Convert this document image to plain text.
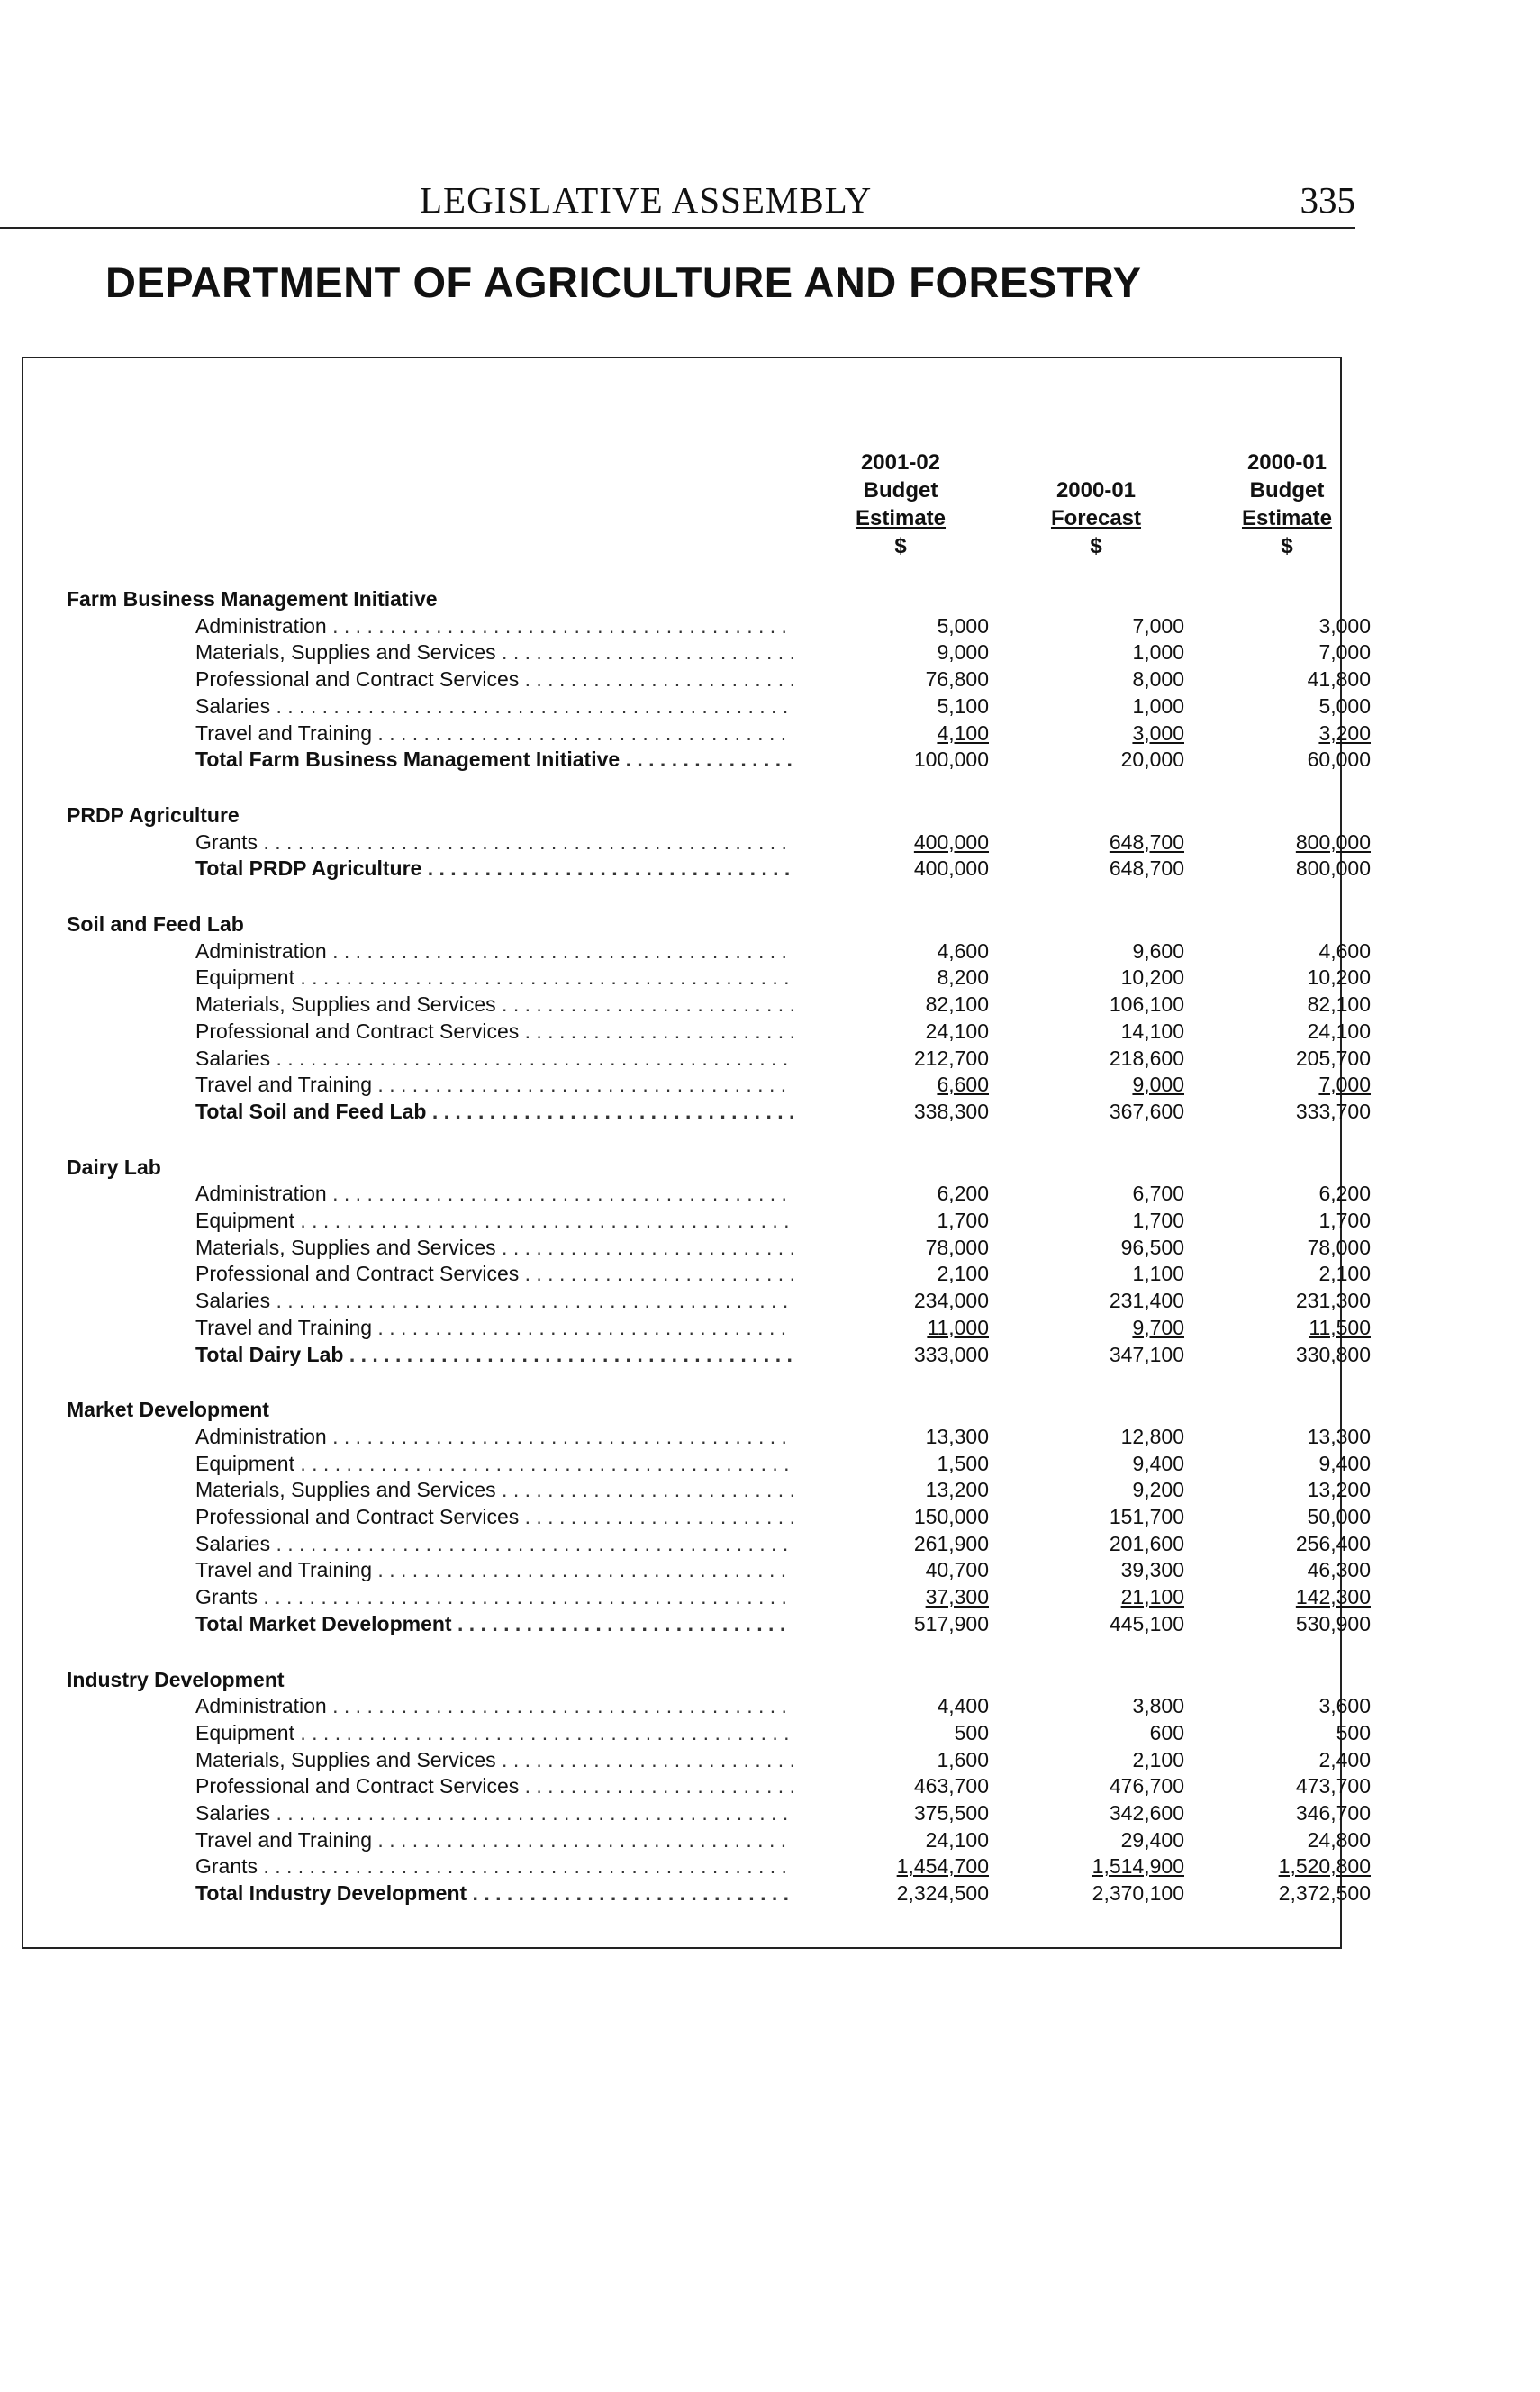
LEGISLATIVE ASSEMBLY	335
DEPARTMENT OF AGRICULTURE AND FORESTRY
2001-02
Budget
Estimate
$

2000-01
Forecast
$
2000-01
Budget
Estimate
$
Farm Business Management Initiative
Administration . . .	5,000	7,000	3,000
Materials, Supplies and Services . . .	9,000	1,000	7,000
Professional and Contract Services . . .	76,800	8,000	41,800
Salaries . . .	5,100	1,000	5,000
Travel and Training . . .	4,100	3,000	3,200
Total Farm Business Management Initiative . . .	100,000	20,000	60,000
PRDP Agriculture
Grants . . .	400,000	648,700	800,000
Total PRDP Agriculture . . .	400,000	648,700	800,000
Soil and Feed Lab
Administration . . .	4,600	9,600	4,600
Equipment . . .	8,200	10,200	10,200
Materials, Supplies and Services . . .	82,100	106,100	82,100
Professional and Contract Services . . .	24,100	14,100	24,100
Salaries . . .	212,700	218,600	205,700
Travel and Training . . .	6,600	9,000	7,000
Total Soil and Feed Lab . . .	338,300	367,600	333,700
Dairy Lab
Administration . . .	6,200	6,700	6,200
Equipment . . .	1,700	1,700	1,700
Materials, Supplies and Services . . .	78,000	96,500	78,000
Professional and Contract Services . . .	2,100	1,100	2,100
Salaries . . .	234,000	231,400	231,300
Travel and Training . . .	11,000	9,700	11,500
Total Dairy Lab . . .	333,000	347,100	330,800
Market Development
Administration . . .	13,300	12,800	13,300
Equipment . . .	1,500	9,400	9,400
Materials, Supplies and Services . . .	13,200	9,200	13,200
Professional and Contract Services . . .	150,000	151,700	50,000
Salaries . . .	261,900	201,600	256,400
Travel and Training . . .	40,700	39,300	46,300
Grants . . .	37,300	21,100	142,300
Total Market Development . . .	517,900	445,100	530,900
Industry Development
Administration . . .	4,400	3,800	3,600
Equipment . . .	500	600	500
Materials, Supplies and Services . . .	1,600	2,100	2,400
Professional and Contract Services . . .	463,700	476,700	473,700
Salaries . . .	375,500	342,600	346,700
Travel and Training . . .	24,100	29,400	24,800
Grants . . .	1,454,700	1,514,900	1,520,800
Total Industry Development . . .	2,324,500	2,370,100	2,372,500
